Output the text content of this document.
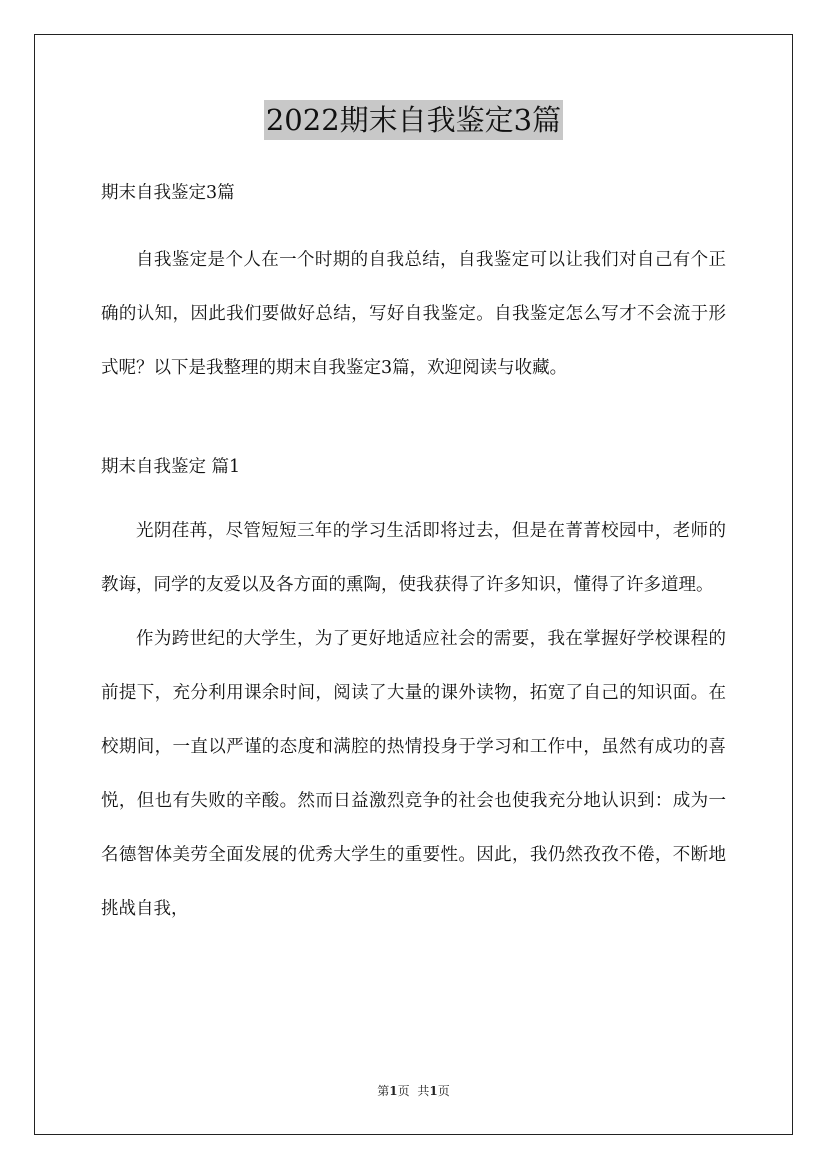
2022期末自我鉴定3篇

期末自我鉴定3篇

自我鉴定是个人在一个时期的自我总结，自我鉴定可以让我们对自己有个正确的认知，因此我们要做好总结，写好自我鉴定。自我鉴定怎么写才不会流于形式呢？以下是我整理的期末自我鉴定3篇，欢迎阅读与收藏。

期末自我鉴定 篇1

光阴荏苒，尽管短短三年的学习生活即将过去，但是在菁菁校园中，老师的教诲，同学的友爱以及各方面的熏陶，使我获得了许多知识，懂得了许多道理。

作为跨世纪的大学生，为了更好地适应社会的需要，我在掌握好学校课程的前提下，充分利用课余时间，阅读了大量的课外读物，拓宽了自己的知识面。在校期间，一直以严谨的态度和满腔的热情投身于学习和工作中，虽然有成功的喜悦，但也有失败的辛酸。然而日益激烈竞争的社会也使我充分地认识到：成为一名德智体美劳全面发展的优秀大学生的重要性。因此，我仍然孜孜不倦，不断地挑战自我，

第1页 共1页
